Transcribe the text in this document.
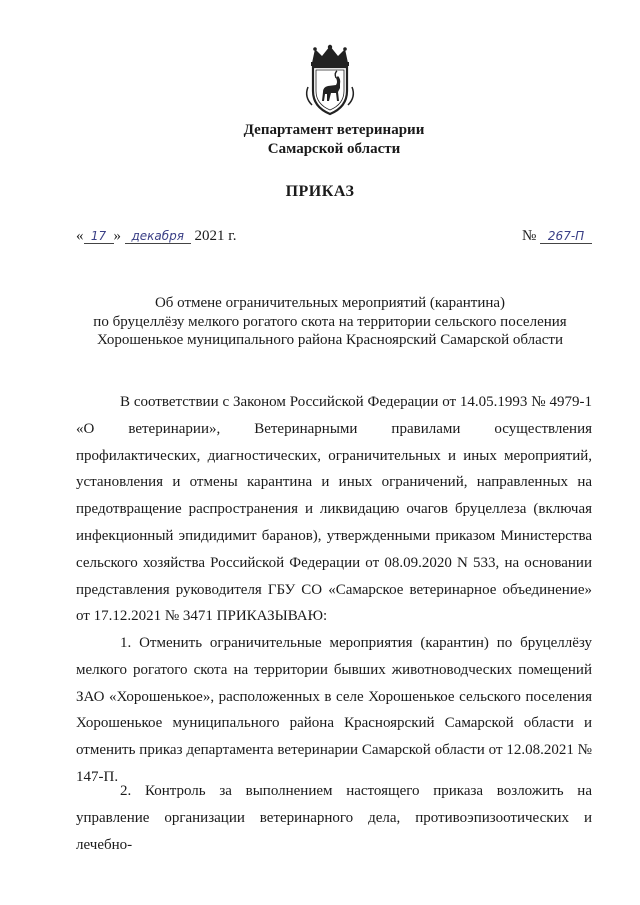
Департамент ветеринарии
Самарской области
ПРИКАЗ
« 17 » декабря 2021 г.	№ 267-П
Об отмене ограничительных мероприятий (карантина)
по бруцеллёзу мелкого рогатого скота на территории сельского поселения
Хорошенькое муниципального района Красноярский Самарской области

В соответствии с Законом Российской Федерации от 14.05.1993 № 4979-1 «О ветеринарии», Ветеринарными правилами осуществления профилактических, диагностических, ограничительных и иных мероприятий, установления и отмены карантина и иных ограничений, направленных на предотвращение распространения и ликвидацию очагов бруцеллеза (включая инфекционный эпидидимит баранов), утвержденными приказом Министерства сельского хозяйства Российской Федерации от 08.09.2020 N 533, на основании представления руководителя ГБУ СО «Самарское ветеринарное объединение» от 17.12.2021 № 3471 ПРИКАЗЫВАЮ:

1. Отменить ограничительные мероприятия (карантин) по бруцеллёзу мелкого рогатого скота на территории бывших животноводческих помещений ЗАО «Хорошенькое», расположенных в селе Хорошенькое сельского поселения Хорошенькое муниципального района Красноярский Самарской области и отменить приказ департамента ветеринарии Самарской области от 12.08.2021 № 147-П.

2. Контроль за выполнением настоящего приказа возложить на управление организации ветеринарного дела, противоэпизоотических и лечебно-
